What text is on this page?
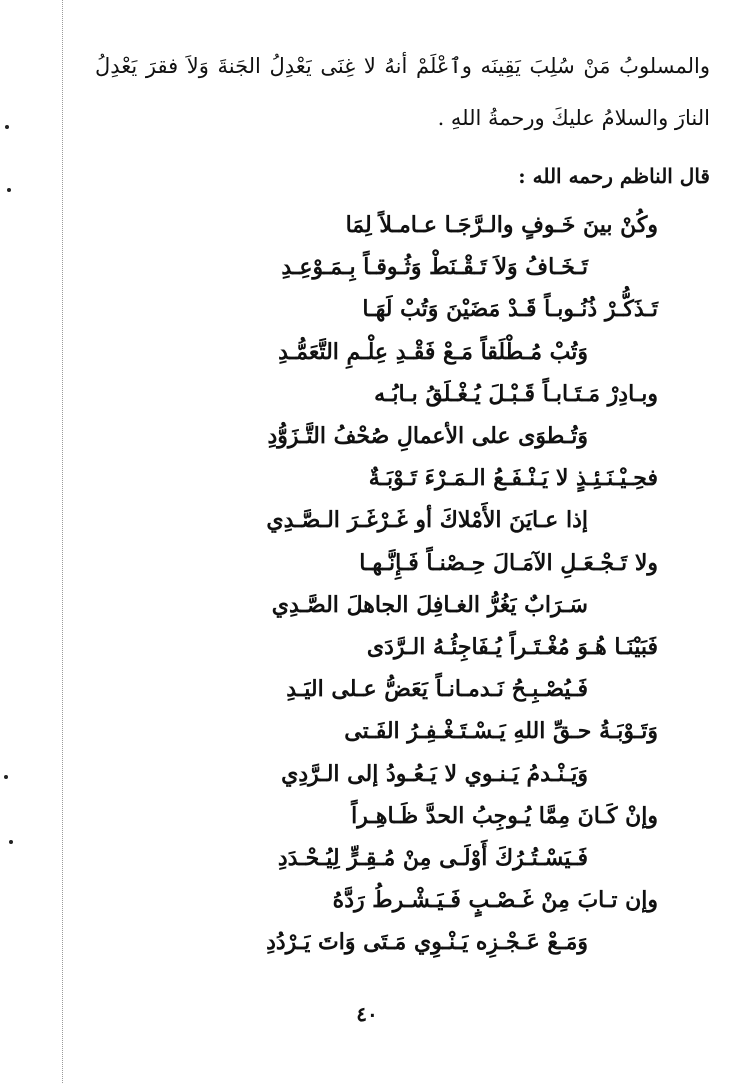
والمسلوبُ مَنْ سُلِبَ يَقِينَه وٱعْلَمْ أنهُ لا غِنَى يَعْدِلُ الجَنةَ وَلاَ فقرَ يَعْدِلُ النارَ والسلامُ عليكَ ورحمةُ اللهِ .

قال الناظم رحمه الله :
وكُنْ بينَ خَـوفٍ والـرَّجَـا عـامـلاً لِمَا
تَـخَـافُ وَلاَ تَـقْـنَطْ وَثُـوقـاً بِـمَـوْعِـدِ
تَـذَكُّـرْ ذُنُـوبـاً قَـدْ مَضَيْنَ وَتُبْ لَهَـا
وَتُبْ مُـطْلَقاً مَـعْ فَقْـدِ عِلْـمِ التَّعَمُّـدِ
وبـادِرْ مَـتَـابـاً قَـبْـلَ يُـغْـلَقُ بـابُـه
وَتُـطوَى على الأعمالِ صُحْفُ التَّـزَوُّدِ
فحِـيْـنَـئِـذٍ لا يَـنْـفَـعُ الـمَـرْءَ تَـوْبَـةٌ
إذا عـايَنَ الأَمْلاكَ أو غَـرْغَـرَ الـصَّـدِي
ولا تَـجْـعَـلِ الآمَـالَ حِـصْنـاً فَـإِنَّـهـا
سَـرَابٌ يَغُرُّ الغـافِلَ الجاهلَ الصَّـدِي
فَبَيْنَـا هُـوَ مُغْـتَـراً يُـفَاجِئُـهُ الـرَّدَى
فَـيُصْـبِـحُ نَـدمـانـاً يَعَضُّ عـلى اليَـدِ
وَتَـوْبَـةُ حـقِّ اللهِ يَـسْـتَـغْـفِـرُ الفَـتى
وَيَـنْـدمُ يَـنـوي لا يَـعُـودُ إلى الـرَّدِي
وإنْ كَـانَ مِمَّا يُـوجِبُ الحدَّ ظَـاهِـراً
فَـيَسْـتُـرُكَ أَوْلَـى مِنْ مُـقِـرٍّ لِيُـحْـدَدِ
وإن تـابَ مِنْ غَـصْـبٍ فَـيَـشْـرطُ رَدَّهُ
وَمَـعْ عَـجْـزِه يَـنْـوِي مَـتَى وَاتَ يَـرْدُدِ
٤٠
